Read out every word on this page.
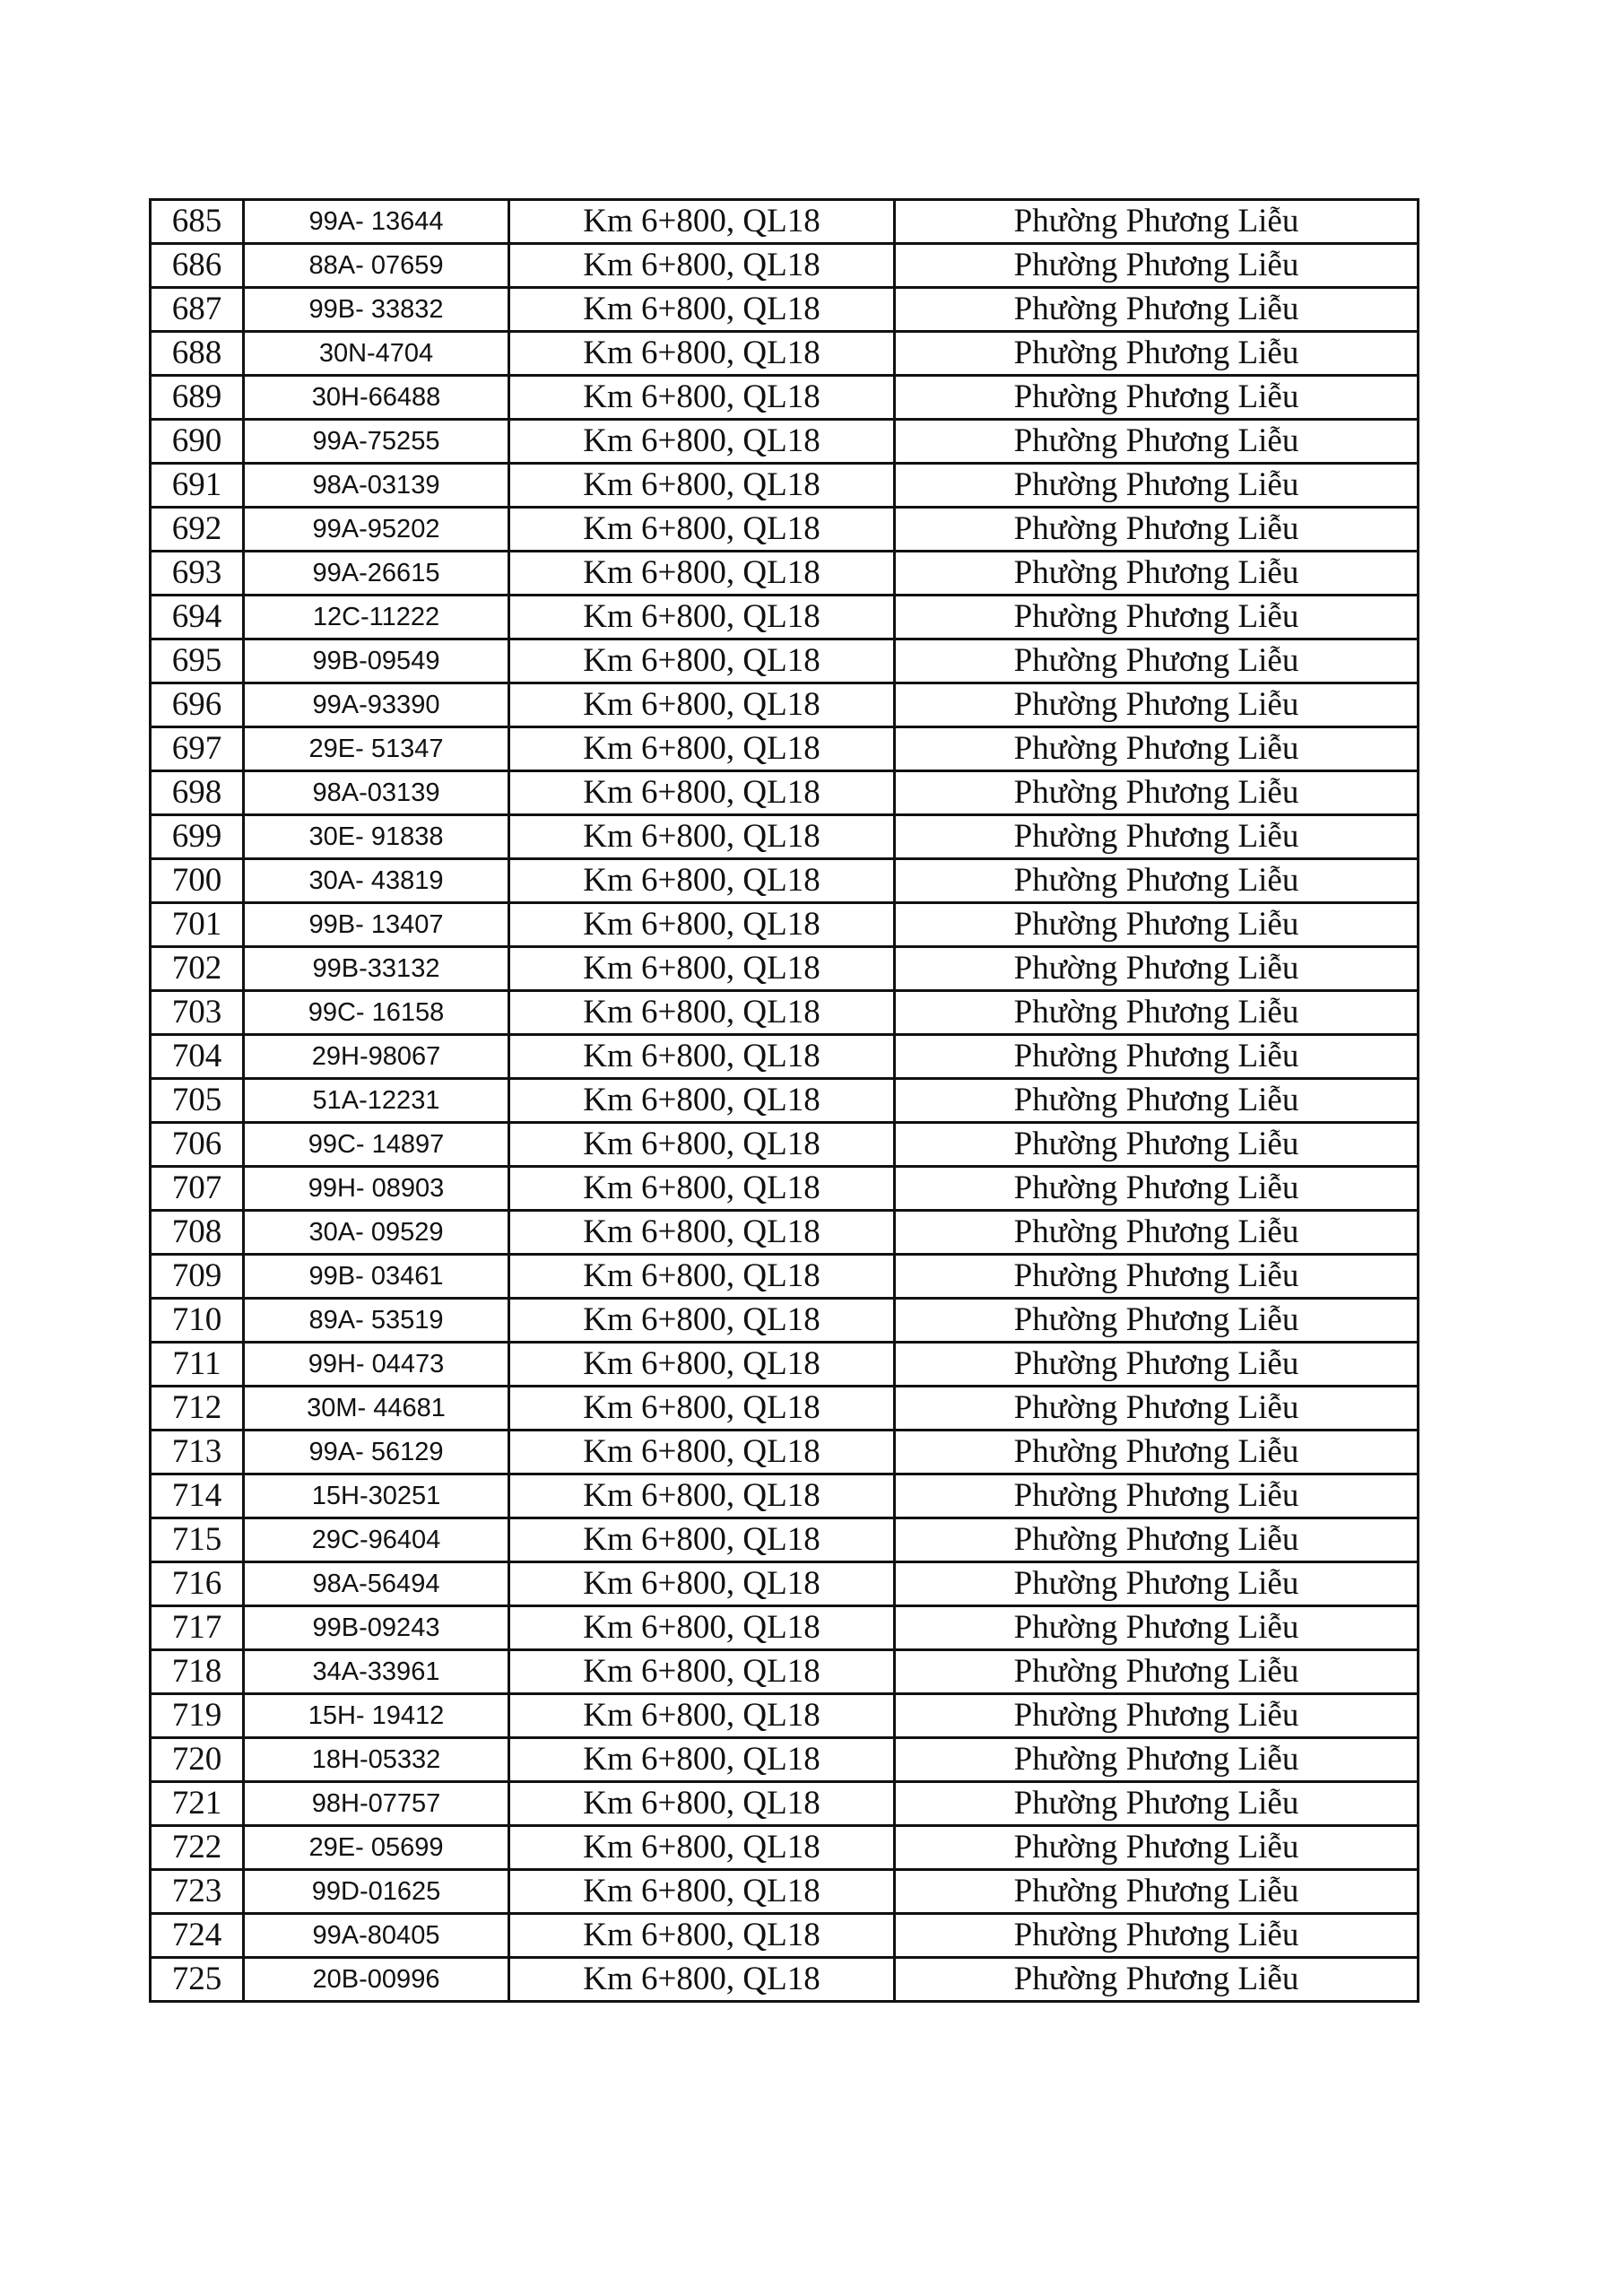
685	99A- 13644	Km 6+800, QL18	Phường Phương Liễu
686	88A- 07659	Km 6+800, QL18	Phường Phương Liễu
687	99B- 33832	Km 6+800, QL18	Phường Phương Liễu
688	30N-4704	Km 6+800, QL18	Phường Phương Liễu
689	30H-66488	Km 6+800, QL18	Phường Phương Liễu
690	99A-75255	Km 6+800, QL18	Phường Phương Liễu
691	98A-03139	Km 6+800, QL18	Phường Phương Liễu
692	99A-95202	Km 6+800, QL18	Phường Phương Liễu
693	99A-26615	Km 6+800, QL18	Phường Phương Liễu
694	12C-11222	Km 6+800, QL18	Phường Phương Liễu
695	99B-09549	Km 6+800, QL18	Phường Phương Liễu
696	99A-93390	Km 6+800, QL18	Phường Phương Liễu
697	29E- 51347	Km 6+800, QL18	Phường Phương Liễu
698	98A-03139	Km 6+800, QL18	Phường Phương Liễu
699	30E- 91838	Km 6+800, QL18	Phường Phương Liễu
700	30A- 43819	Km 6+800, QL18	Phường Phương Liễu
701	99B- 13407	Km 6+800, QL18	Phường Phương Liễu
702	99B-33132	Km 6+800, QL18	Phường Phương Liễu
703	99C- 16158	Km 6+800, QL18	Phường Phương Liễu
704	29H-98067	Km 6+800, QL18	Phường Phương Liễu
705	51A-12231	Km 6+800, QL18	Phường Phương Liễu
706	99C- 14897	Km 6+800, QL18	Phường Phương Liễu
707	99H- 08903	Km 6+800, QL18	Phường Phương Liễu
708	30A- 09529	Km 6+800, QL18	Phường Phương Liễu
709	99B- 03461	Km 6+800, QL18	Phường Phương Liễu
710	89A- 53519	Km 6+800, QL18	Phường Phương Liễu
711	99H- 04473	Km 6+800, QL18	Phường Phương Liễu
712	30M- 44681	Km 6+800, QL18	Phường Phương Liễu
713	99A- 56129	Km 6+800, QL18	Phường Phương Liễu
714	15H-30251	Km 6+800, QL18	Phường Phương Liễu
715	29C-96404	Km 6+800, QL18	Phường Phương Liễu
716	98A-56494	Km 6+800, QL18	Phường Phương Liễu
717	99B-09243	Km 6+800, QL18	Phường Phương Liễu
718	34A-33961	Km 6+800, QL18	Phường Phương Liễu
719	15H- 19412	Km 6+800, QL18	Phường Phương Liễu
720	18H-05332	Km 6+800, QL18	Phường Phương Liễu
721	98H-07757	Km 6+800, QL18	Phường Phương Liễu
722	29E- 05699	Km 6+800, QL18	Phường Phương Liễu
723	99D-01625	Km 6+800, QL18	Phường Phương Liễu
724	99A-80405	Km 6+800, QL18	Phường Phương Liễu
725	20B-00996	Km 6+800, QL18	Phường Phương Liễu
